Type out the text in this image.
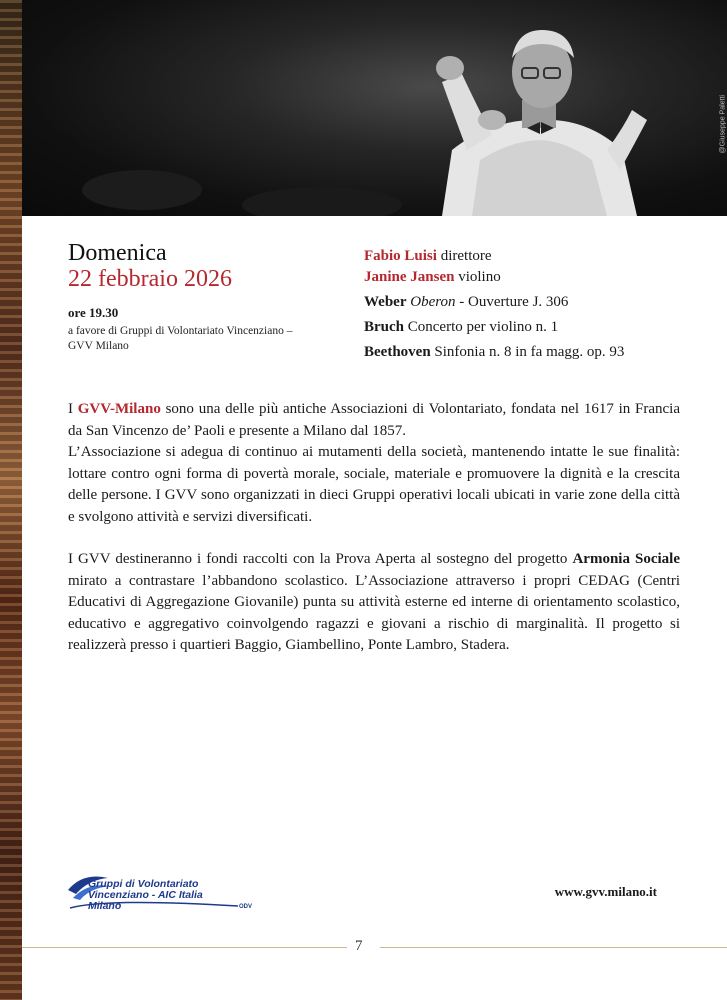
@Giuseppe Paletti
Domenica
22 febbraio 2026
ore 19.30
a favore di Gruppi di Volontariato Vincenziano – GVV Milano
Fabio Luisi direttore
Janine Jansen violino
Weber Oberon - Ouverture J. 306
Bruch Concerto per violino n. 1
Beethoven Sinfonia n. 8 in fa magg. op. 93

I GVV-Milano sono una delle più antiche Associazioni di Volontariato, fondata nel 1617 in Francia da San Vincenzo de’ Paoli e presente a Milano dal 1857.
L’Associazione si adegua di continuo ai mutamenti della società, mantenendo intatte le sue finalità: lottare contro ogni forma di povertà morale, sociale, materiale e promuovere la dignità e la crescita delle persone. I GVV sono organizzati in dieci Gruppi operativi locali ubicati in varie zone della città e svolgono attività e servizi diversificati.

I GVV destineranno i fondi raccolti con la Prova Aperta al sostegno del progetto Armonia Sociale mirato a contrastare l’abbandono scolastico. L’Associazione attraverso i propri CEDAG (Centri Educativi di Aggregazione Giovanile) punta su attività esterne ed interne di orientamento scolastico, educativo e aggregativo coinvolgendo ragazzi e giovani a rischio di marginalità. Il progetto si realizzerà presso i quartieri Baggio, Giambellino, Ponte Lambro, Stadera.

Gruppi di Volontariato
Vincenziano - AIC Italia
Milano	ODV
www.gvv.milano.it
7
